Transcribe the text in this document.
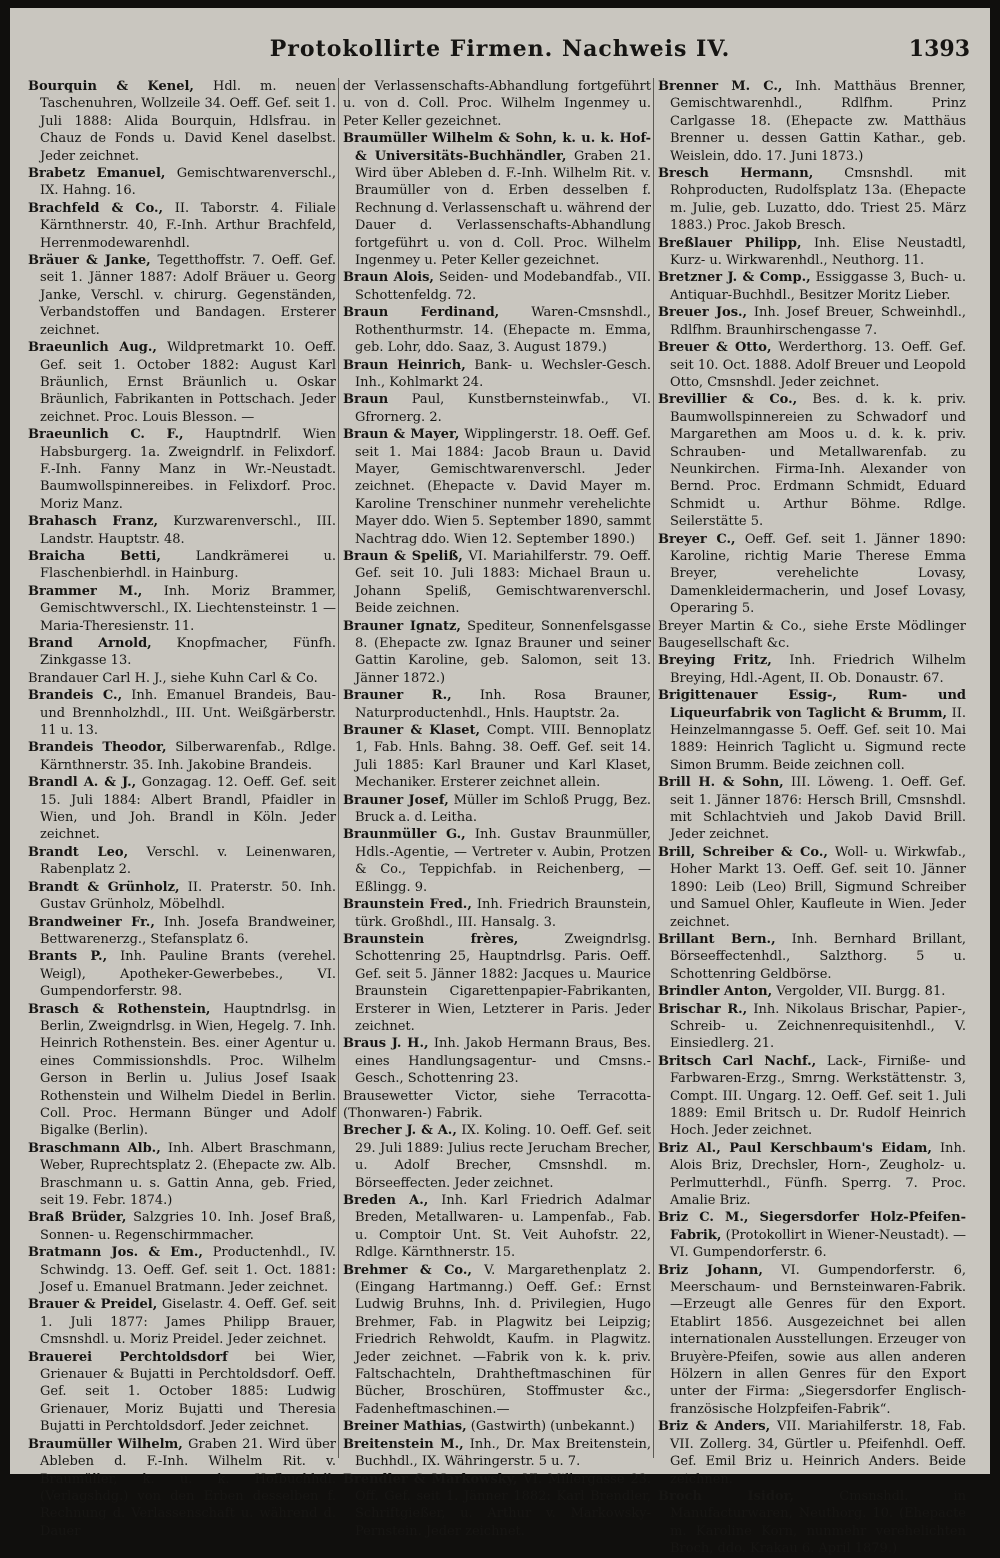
Protokollirte Firmen. Nachweis IV.	1393

Bourquin & Kenel, Hdl. m. neuen Taschenuhren, Wollzeile 34. Oeff. Gef. seit 1. Juli 1888: Alida Bourquin, Hdlsfrau. in Chauz de Fonds u. David Kenel daselbst. Jeder zeichnet.

Brabetz Emanuel, Gemischtwarenverschl., IX. Hahng. 16.

Brachfeld & Co., II. Taborstr. 4. Filiale Kärnthnerstr. 40, F.-Inh. Arthur Brachfeld, Herrenmodewarenhdl.

Bräuer & Janke, Tegetthoffstr. 7. Oeff. Gef. seit 1. Jänner 1887: Adolf Bräuer u. Georg Janke, Verschl. v. chirurg. Gegenständen, Verbandstoffen und Bandagen. Ersterer zeichnet.

Braeunlich Aug., Wildpretmarkt 10. Oeff. Gef. seit 1. October 1882: August Karl Bräunlich, Ernst Bräunlich u. Oskar Bräunlich, Fabrikanten in Pottschach. Jeder zeichnet. Proc. Louis Blesson. —

Braeunlich C. F., Hauptndrlf. Wien Habsburgerg. 1a. Zweigndrlf. in Felixdorf. F.-Inh. Fanny Manz in Wr.-Neustadt. Baumwollspinnereibes. in Felixdorf. Proc. Moriz Manz.

Brahasch Franz, Kurzwarenverschl., III. Landstr. Hauptstr. 48.

Braicha Betti,	Landkrämerei u. Flaschenbierhdl. in Hainburg.

Brammer M., Inh. Moriz Brammer, Gemischtwverschl., IX. Liechtensteinstr. 1 — Maria-Theresienstr. 11.

Brand Arnold, Knopfmacher, Fünfh. Zinkgasse 13.

Brandauer Carl H. J., siehe Kuhn Carl & Co.

Brandeis C., Inh. Emanuel Brandeis, Bau- und Brennholzhdl., III. Unt. Weißgärberstr. 11 u. 13.

Brandeis Theodor, Silberwarenfab., Rdlge. Kärnthnerstr. 35. Inh. Jakobine Brandeis.

Brandl A. & J., Gonzagag. 12. Oeff. Gef. seit 15. Juli 1884: Albert Brandl, Pfaidler in Wien, und Joh. Brandl in Köln. Jeder zeichnet.

Brandt Leo, Verschl. v. Leinenwaren, Rabenplatz 2.

Brandt & Grünholz, II. Praterstr. 50. Inh. Gustav Grünholz, Möbelhdl.

Brandweiner Fr., Inh. Josefa Brandweiner, Bettwarenerzg., Stefansplatz 6.

Brants P., Inh. Pauline Brants (verehel. Weigl), Apotheker-Gewerbebes., VI. Gumpendorferstr. 98.

Brasch & Rothenstein, Hauptndrlsg. in Berlin, Zweigndrlsg. in Wien, Hegelg. 7. Inh. Heinrich Rothenstein. Bes. einer Agentur u. eines Commissionshdls. Proc. Wilhelm Gerson in Berlin u. Julius Josef Isaak Rothenstein und Wilhelm Diedel in Berlin. Coll. Proc. Hermann Bünger und Adolf Bigalke (Berlin).

Braschmann Alb., Inh. Albert Braschmann, Weber, Ruprechtsplatz 2. (Ehepacte zw. Alb. Braschmann u. s. Gattin Anna, geb. Fried, seit 19. Febr. 1874.)

Braß Brüder, Salzgries 10. Inh. Josef Braß, Sonnen- u. Regenschirmmacher.

Bratmann Jos. & Em., Productenhdl., IV. Schwindg. 13. Oeff. Gef. seit 1. Oct. 1881: Josef u. Emanuel Bratmann. Jeder zeichnet.

Brauer & Preidel, Giselastr. 4. Oeff. Gef. seit 1. Juli 1877: James Philipp Brauer, Cmsnshdl. u. Moriz Preidel. Jeder zeichnet.

Brauerei Perchtoldsdorf bei Wier, Grienauer & Bujatti in Perchtoldsdorf. Oeff. Gef. seit 1. October 1885: Ludwig Grienauer, Moriz Bujatti und Theresia Bujatti in Perchtoldsdorf. Jeder zeichnet.

Braumüller Wilhelm, Graben 21. Wird über Ableben d. F.-Inh. Wilhelm Rit. v. Braumüller, k. u. k. Hofbuchhdl. (Verlagshdg.) von den Erben desselben f. Rechnung d. Verlassenschaft u. während d. Dauer

der Verlassenschafts-Abhandlung fortgeführt u. von d. Coll. Proc. Wilhelm Ingenmey u. Peter Keller gezeichnet.

Braumüller Wilhelm & Sohn, k. u. k. Hof- & Universitäts-Buchhändler, Graben 21. Wird über Ableben d. F.-Inh. Wilhelm Rit. v. Braumüller von d. Erben desselben f. Rechnung d. Verlassenschaft u. während der Dauer d. Verlassenschafts-Abhandlung fortgeführt u. von d. Coll. Proc. Wilhelm Ingenmey u. Peter Keller gezeichnet.

Braun Alois, Seiden- und Modebandfab., VII. Schottenfeldg. 72.

Braun Ferdinand, Waren-Cmsnshdl., Rothenthurmstr. 14. (Ehepacte m. Emma, geb. Lohr, ddo. Saaz, 3. August 1879.)

Braun Heinrich, Bank- u. Wechsler-Gesch. Inh., Kohlmarkt 24.

Braun Paul, Kunstbernsteinwfab., VI. Gfrornerg. 2.

Braun & Mayer, Wipplingerstr. 18. Oeff. Gef. seit 1. Mai 1884: Jacob Braun u. David Mayer, Gemischtwarenverschl. Jeder zeichnet. (Ehepacte v. David Mayer m. Karoline Trenschiner nunmehr verehelichte Mayer ddo. Wien 5. September 1890, sammt Nachtrag ddo. Wien 12. September 1890.)

Braun & Speliß, VI. Mariahilferstr. 79. Oeff. Gef. seit 10. Juli 1883: Michael Braun u. Johann Speliß, Gemischtwarenverschl. Beide zeichnen.

Brauner Ignatz, Spediteur, Sonnenfelsgasse 8. (Ehepacte zw. Ignaz Brauner und seiner Gattin Karoline, geb. Salomon, seit 13. Jänner 1872.)

Brauner R., Inh. Rosa Brauner, Naturproductenhdl., Hnls. Hauptstr. 2a.

Brauner & Klaset, Compt. VIII. Bennoplatz 1, Fab. Hnls. Bahng. 38. Oeff. Gef. seit 14. Juli 1885: Karl Brauner und Karl Klaset, Mechaniker. Ersterer zeichnet allein.

Brauner Josef, Müller im Schloß Prugg, Bez. Bruck a. d. Leitha.

Braunmüller G., Inh. Gustav Braunmüller, Hdls.-Agentie, — Vertreter v. Aubin, Protzen & Co., Teppichfab. in Reichenberg, — Eßlingg. 9.

Braunstein Fred., Inh. Friedrich Braunstein, türk. Großhdl., III. Hansalg. 3.

Braunstein frères,	Zweigndrlsg. Schottenring 25, Hauptndrlsg. Paris. Oeff. Gef. seit 5. Jänner 1882: Jacques u. Maurice Braunstein Cigarettenpapier-Fabrikanten, Ersterer in Wien, Letzterer in Paris. Jeder zeichnet.

Braus J. H., Inh. Jakob Hermann Braus, Bes. eines Handlungsagentur- und Cmsns.-Gesch., Schottenring 23.

Brausewetter Victor, siehe Terracotta- (Thonwaren-) Fabrik.

Brecher J. & A., IX. Koling. 10. Oeff. Gef. seit 29. Juli 1889: Julius recte Jerucham Brecher, u. Adolf Brecher, Cmsnshdl. m. Börseeffecten. Jeder zeichnet.

Breden A., Inh. Karl Friedrich Adalmar Breden, Metallwaren- u. Lampenfab., Fab. u. Comptoir Unt. St. Veit Auhofstr. 22, Rdlge. Kärnthnerstr. 15.

Brehmer & Co., V. Margarethenplatz 2. (Eingang Hartmanng.) Oeff. Gef.: Ernst Ludwig Bruhns, Inh. d. Privilegien, Hugo Brehmer, Fab. in Plagwitz bei Leipzig; Friedrich Rehwoldt, Kaufm. in Plagwitz. Jeder zeichnet. —Fabrik von k. k. priv. Faltschachteln, Drahtheftmaschinen für Bücher, Broschüren, Stoffmuster &c., Fadenheftmaschinen.—

Breiner Mathias, (Gastwirth) (unbekannt.)

Breitenstein M., Inh., Dr. Max Breitenstein, Buchhdl., IX. Währingerstr. 5 u. 7.

Brendler & Markowsky, VI. Millergasse 23. Off. Gef. seit 1. Jänner 1882: Karl Brendler, Schriftgießer, u. Arthur v. Markowsky-Pernstein. Jeder zeichnet.

Brenner M. C., Inh. Matthäus Brenner, Gemischtwarenhdl., Rdlfhm. Prinz Carlgasse 18. (Ehepacte zw. Matthäus Brenner u. dessen Gattin Kathar., geb. Weislein, ddo. 17. Juni 1873.)

Bresch Hermann, Cmsnshdl. mit Rohproducten, Rudolfsplatz 13a. (Ehepacte m. Julie, geb. Luzatto, ddo. Triest 25. März 1883.) Proc. Jakob Bresch.

Breßlauer Philipp, Inh. Elise Neustadtl, Kurz- u. Wirkwarenhdl., Neuthorg. 11.

Bretzner J. & Comp., Essiggasse 3, Buch- u. Antiquar-Buchhdl., Besitzer Moritz Lieber.

Breuer Jos., Inh. Josef Breuer, Schweinhdl., Rdlfhm. Braunhirschengasse 7.

Breuer & Otto, Werderthorg. 13. Oeff. Gef. seit 10. Oct. 1888. Adolf Breuer und Leopold Otto, Cmsnshdl. Jeder zeichnet.

Brevillier & Co., Bes. d. k. k. priv. Baumwollspinnereien zu Schwadorf und Margarethen am Moos u. d. k. k. priv. Schrauben- und Metallwarenfab. zu Neunkirchen. Firma-Inh. Alexander von Bernd. Proc. Erdmann Schmidt, Eduard Schmidt u. Arthur Böhme. Rdlge. Seilerstätte 5.

Breyer C., Oeff. Gef. seit 1. Jänner 1890: Karoline, richtig Marie Therese Emma Breyer, verehelichte Lovasy, Damenkleidermacherin, und Josef Lovasy, Operaring 5.

Breyer Martin & Co., siehe Erste Mödlinger Baugesellschaft &c.

Breying Fritz, Inh. Friedrich Wilhelm Breying, Hdl.-Agent, II. Ob. Donaustr. 67.

Brigittenauer Essig-, Rum- und Liqueurfabrik von Taglicht & Brumm, II. Heinzelmanngasse 5. Oeff. Gef. seit 10. Mai 1889: Heinrich Taglicht u. Sigmund recte Simon Brumm. Beide zeichnen coll.

Brill H. & Sohn, III. Löweng. 1. Oeff. Gef. seit 1. Jänner 1876: Hersch Brill, Cmsnshdl. mit Schlachtvieh und Jakob David Brill. Jeder zeichnet.

Brill, Schreiber & Co., Woll- u. Wirkwfab., Hoher Markt 13. Oeff. Gef. seit 10. Jänner 1890: Leib (Leo) Brill, Sigmund Schreiber und Samuel Ohler, Kaufleute in Wien. Jeder zeichnet.

Brillant Bern., Inh. Bernhard Brillant, Börseeffectenhdl., Salzthorg. 5 u. Schottenring Geldbörse.

Brindler Anton, Vergolder, VII. Burgg. 81.

Brischar R., Inh. Nikolaus Brischar, Papier-, Schreib- u. Zeichnenrequisitenhdl., V. Einsiedlerg. 21.

Britsch Carl Nachf., Lack-, Firniße- und Farbwaren-Erzg., Smrng. Werkstättenstr. 3, Compt. III. Ungarg. 12. Oeff. Gef. seit 1. Juli 1889: Emil Britsch u. Dr. Rudolf Heinrich Hoch. Jeder zeichnet.

Briz Al., Paul Kerschbaum's Eidam, Inh. Alois Briz, Drechsler, Horn-, Zeugholz- u. Perlmutterhdl., Fünfh. Sperrg. 7. Proc. Amalie Briz.

Briz C. M., Siegersdorfer Holz-Pfeifen-Fabrik, (Protokollirt in Wiener-Neustadt). — VI. Gumpendorferstr. 6.

Briz Johann, VI. Gumpendorferstr. 6, Meerschaum- und Bernsteinwaren-Fabrik. —Erzeugt alle Genres für den Export. Etablirt 1856. Ausgezeichnet bei allen internationalen Ausstellungen. Erzeuger von Bruyère-Pfeifen, sowie aus allen anderen Hölzern in allen Genres für den Export unter der Firma: „Siegersdorfer Englisch-französische Holzpfeifen-Fabrik“.

Briz & Anders, VII. Mariahilferstr. 18, Fab. VII. Zollerg. 34, Gürtler u. Pfeifenhdl. Oeff. Gef. Emil Briz u. Heinrich Anders. Beide zeichnen.

Broch Isidor,	Cmsnshdl. in Manufacturwaren, Neuthorg. 10. (Ehepacte m. Karoline Korn, nunmehr verehelichten Broch, ddo. Krakau 6. April 1879.)
